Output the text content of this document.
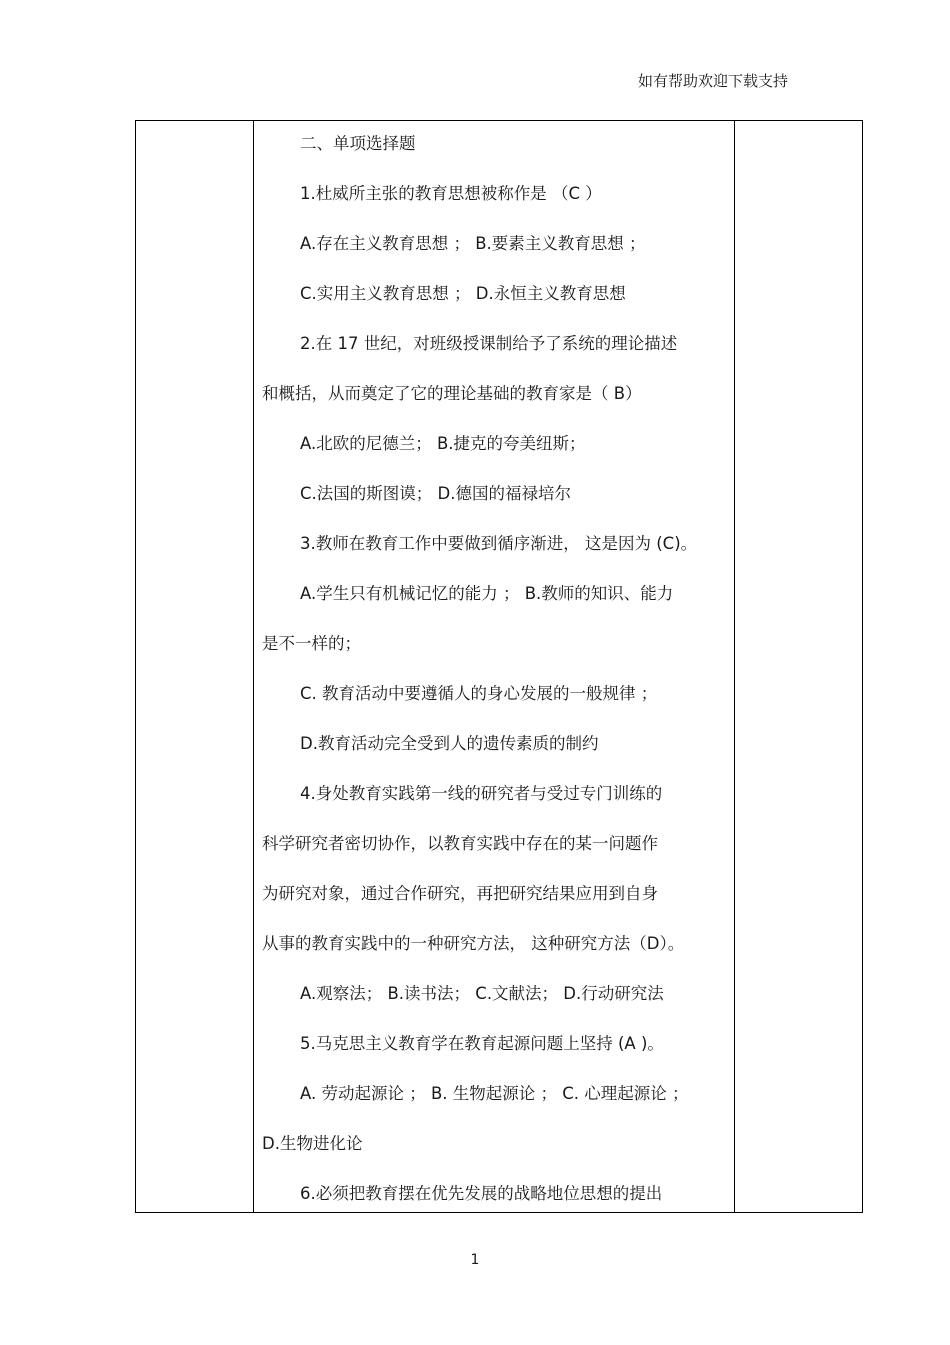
如有帮助欢迎下载支持
二、单项选择题
1.杜威所主张的教育思想被称作是 （C ）
A.存在主义教育思想 ； B.要素主义教育思想 ；
C.实用主义教育思想 ； D.永恒主义教育思想
2.在 17 世纪，对班级授课制给予了系统的理论描述
和概括，从而奠定了它的理论基础的教育家是（ B）
A.北欧的尼德兰； B.捷克的夸美纽斯；
C.法国的斯图谟； D.德国的福禄培尔
3.教师在教育工作中要做到循序渐进， 这是因为 (C)。
A.学生只有机械记忆的能力 ； B.教师的知识、能力
是不一样的；
C. 教育活动中要遵循人的身心发展的一般规律 ；
D.教育活动完全受到人的遗传素质的制约
4.身处教育实践第一线的研究者与受过专门训练的
科学研究者密切协作，以教育实践中存在的某一问题作
为研究对象，通过合作研究，再把研究结果应用到自身
从事的教育实践中的一种研究方法， 这种研究方法（D）。
A.观察法； B.读书法； C.文献法； D.行动研究法
5.马克思主义教育学在教育起源问题上坚持 (A )。
A. 劳动起源论 ； B. 生物起源论 ； C. 心理起源论 ；
D.生物进化论
6.必须把教育摆在优先发展的战略地位思想的提出
1
